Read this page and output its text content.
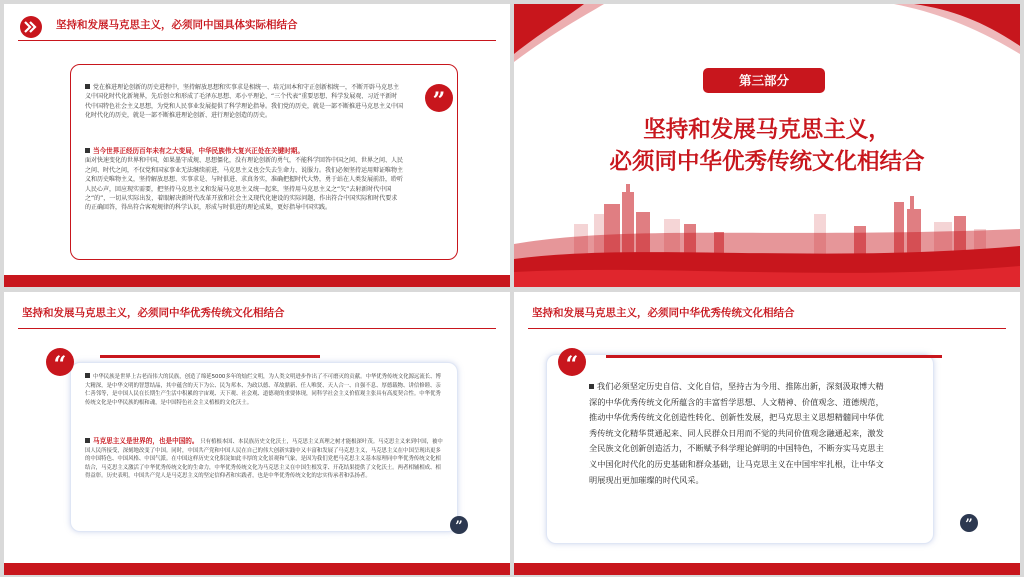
坚持和发展马克思主义，必须同中国具体实际相结合
党在推进理论创新的历史进程中，坚持解放思想和实事求是相统一、培元固本和守正创新相统一，不断开辟马克思主义中国化时代化新境界，先后创立和形成了毛泽东思想、邓小平理论、“三个代表”重要思想、科学发展观、习近平新时代中国特色社会主义思想，为党和人民事业发展提供了科学理论指导。我们党的历史，就是一部不断推进马克思主义中国化时代化的历史，就是一部不断推进理论创新、进行理论创造的历史。
当今世界正经历百年未有之大变局，中华民族伟大复兴正处在关键时期。
面对快速变化的世界和中国，如果墨守成规、思想僵化，没有理论创新的勇气，不能科学回答中国之问、世界之问、人民之问、时代之问，不仅党和国家事业无法继续前进，马克思主义也会失去生命力、说服力。我们必须坚持运用辩证唯物主义和历史唯物主义，坚持解放思想、实事求是、与时俱进、求真务实，准确把握时代大势，勇于站在人类发展前沿，聆听人民心声，回应现实需要，把坚持马克思主义和发展马克思主义统一起来，坚持用马克思主义之“矢”去射新时代中国之“的”，一切从实际出发，着眼解决新时代改革开放和社会主义现代化建设的实际问题，作出符合中国实际和时代要求的正确回答，得出符合客观规律的科学认识，形成与时俱进的理论成果，更好指导中国实践。
”
第三部分
坚持和发展马克思主义，
必须同中华优秀传统文化相结合
坚持和发展马克思主义，必须同中华优秀传统文化相结合
中华民族是世界上古老而伟大的民族，创造了绵延5000多年的灿烂文明，为人类文明进步作出了不可磨灭的贡献。中华优秀传统文化源远流长、博大精深，是中华文明的智慧结晶，其中蕴含的天下为公、民为邦本、为政以德、革故鼎新、任人唯贤、天人合一、自强不息、厚德载物、讲信修睦、亲仁善邻等，是中国人民在长期生产生活中积累的宇宙观、天下观、社会观、道德观的重要体现，同科学社会主义价值观主张具有高度契合性。中华优秀传统文化是中华民族的根和魂，是中国特色社会主义植根的文化沃土。
马克思主义是世界的，也是中国的。 只有植根本国、本民族历史文化沃土，马克思主义真理之树才能根深叶茂。马克思主义来到中国，被中国人民所接受，深刻地改变了中国。同时，中国共产党和中国人民在自己的伟大创新实践中又丰富和发展了马克思主义，马克思主义在中国呈现出更多的中国特色、中国风格、中国气派。在中国这样历史文化积淀如此丰厚的文化景观和气象，是因为我们党把马克思主义基本原理同中华优秀传统文化相结合，马克思主义激活了中华优秀传统文化的生命力，中华优秀传统文化为马克思主义在中国生根发芽、开花结果提供了文化沃土。两者相辅相成、相得益彰。历史表明，中国共产党人是马克思主义的坚定信仰者和实践者，也是中华优秀传统文化的忠实传承者和弘扬者。
“
”
坚持和发展马克思主义，必须同中华优秀传统文化相结合
我们必须坚定历史自信、文化自信，坚持古为今用、推陈出新，深刻汲取博大精深的中华优秀传统文化所蕴含的丰富哲学思想、人文精神、价值观念、道德规范，推动中华优秀传统文化创造性转化、创新性发展，把马克思主义思想精髓同中华优秀传统文化精华贯通起来、同人民群众日用而不觉的共同价值观念融通起来，激发全民族文化创新创造活力，不断赋予科学理论鲜明的中国特色，不断夯实马克思主义中国化时代化的历史基础和群众基础，让马克思主义在中国牢牢扎根，让中华文明展现出更加璀璨的时代风采。
“
”
